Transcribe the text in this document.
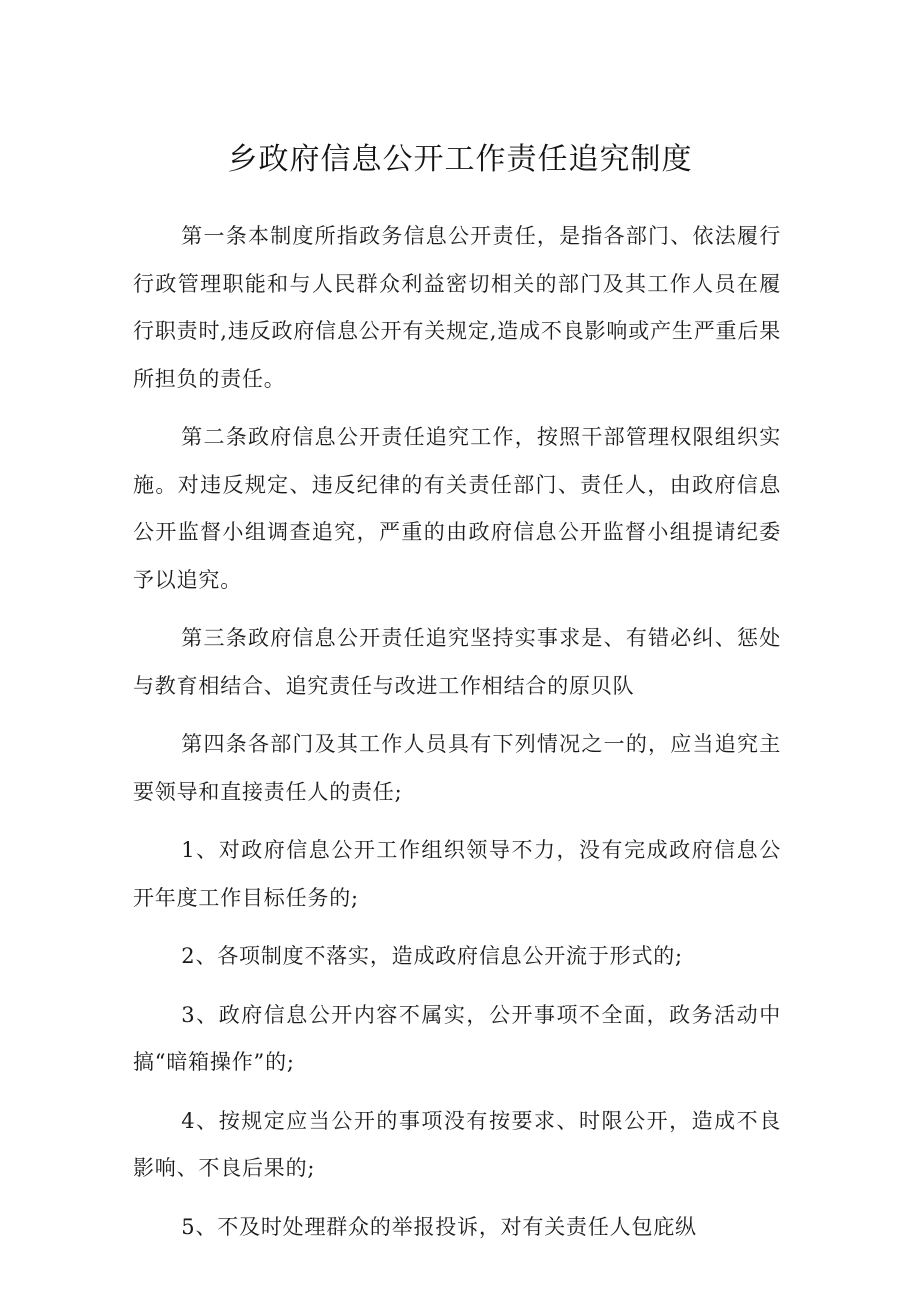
乡政府信息公开工作责任追究制度

第一条本制度所指政务信息公开责任，是指各部门、依法履行行政管理职能和与人民群众利益密切相关的部门及其工作人员在履行职责时,违反政府信息公开有关规定,造成不良影响或产生严重后果所担负的责任。

第二条政府信息公开责任追究工作，按照干部管理权限组织实施。对违反规定、违反纪律的有关责任部门、责任人，由政府信息公开监督小组调查追究，严重的由政府信息公开监督小组提请纪委予以追究。

第三条政府信息公开责任追究坚持实事求是、有错必纠、惩处与教育相结合、追究责任与改进工作相结合的原贝队

第四条各部门及其工作人员具有下列情况之一的，应当追究主要领导和直接责任人的责任;

1、对政府信息公开工作组织领导不力，没有完成政府信息公开年度工作目标任务的;

2、各项制度不落实，造成政府信息公开流于形式的;

3、政府信息公开内容不属实，公开事项不全面，政务活动中搞“暗箱操作”的;

4、按规定应当公开的事项没有按要求、时限公开，造成不良影响、不良后果的;

5、不及时处理群众的举报投诉，对有关责任人包庇纵
